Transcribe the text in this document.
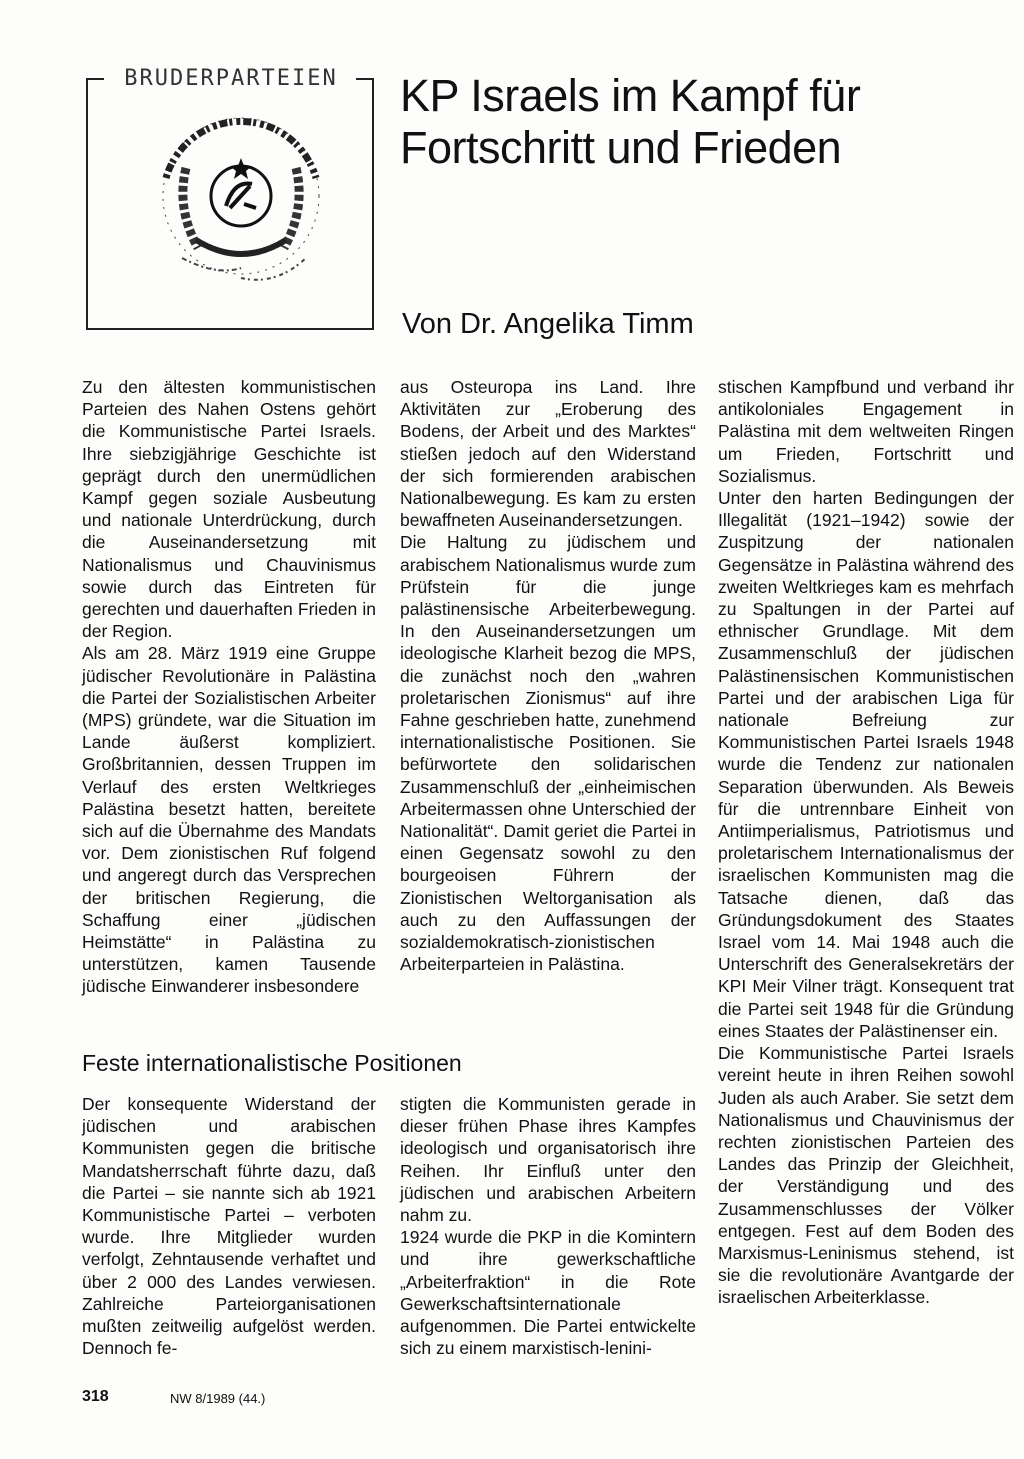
BRUDERPARTEIEN	KP Israels im Kampf für
Fortschritt und Frieden
Von Dr. Angelika Timm

Zu den ältesten kommunistischen Parteien des Nahen Ostens gehört die Kommunistische Partei Israels. Ihre siebzigjährige Geschichte ist geprägt durch den unermüdlichen Kampf gegen soziale Ausbeutung und nationale Unterdrückung, durch die Auseinandersetzung mit Nationalismus und Chauvinismus sowie durch das Eintreten für gerechten und dauerhaften Frieden in der Region.

Als am 28. März 1919 eine Gruppe jüdischer Revolutionäre in Palästina die Partei der Sozialistischen Arbeiter (MPS) gründete, war die Situation im Lande äußerst kompliziert. Großbritannien, dessen Truppen im Verlauf des ersten Weltkrieges Palästina besetzt hatten, bereitete sich auf die Übernahme des Mandats vor. Dem zionistischen Ruf folgend und angeregt durch das Versprechen der britischen Regierung, die Schaffung einer „jüdischen Heimstätte“ in Palästina zu unterstützen, kamen Tausende jüdische Einwanderer insbesondere

aus Osteuropa ins Land. Ihre Aktivitäten zur „Eroberung des Bodens, der Arbeit und des Marktes“ stießen jedoch auf den Widerstand der sich formierenden arabischen Nationalbewegung. Es kam zu ersten bewaffneten Auseinandersetzungen.

Die Haltung zu jüdischem und arabischem Nationalismus wurde zum Prüfstein für die junge palästinensische Arbeiterbewegung. In den Auseinandersetzungen um ideologische Klarheit bezog die MPS, die zunächst noch den „wahren proletarischen Zionismus“ auf ihre Fahne geschrieben hatte, zunehmend internationalistische Positionen. Sie befürwortete den solidarischen Zusammenschluß der „einheimischen Arbeitermassen ohne Unterschied der Nationalität“. Damit geriet die Partei in einen Gegensatz sowohl zu den bourgeoisen Führern der Zionistischen Weltorganisation als auch zu den Auffassungen der sozialdemokratisch-zionistischen Arbeiterparteien in Palästina.

stischen Kampfbund und verband ihr antikoloniales Engagement in Palästina mit dem weltweiten Ringen um Frieden, Fortschritt und Sozialismus.

Unter den harten Bedingungen der Illegalität (1921–1942) sowie der Zuspitzung der nationalen Gegensätze in Palästina während des zweiten Weltkrieges kam es mehrfach zu Spaltungen in der Partei auf ethnischer Grundlage. Mit dem Zusammenschluß der jüdischen Palästinensischen Kommunistischen Partei und der arabischen Liga für nationale Befreiung zur Kommunistischen Partei Israels 1948 wurde die Tendenz zur nationalen Separation überwunden. Als Beweis für die untrennbare Einheit von Antiimperialismus, Patriotismus und proletarischem Internationalismus der israelischen Kommunisten mag die Tatsache dienen, daß das Gründungsdokument des Staates Israel vom 14. Mai 1948 auch die Unterschrift des Generalsekretärs der KPI Meir Vilner trägt. Konsequent trat die Partei seit 1948 für die Gründung eines Staates der Palästinenser ein.

Die Kommunistische Partei Israels vereint heute in ihren Reihen sowohl Juden als auch Araber. Sie setzt dem Nationalismus und Chauvinismus der rechten zionistischen Parteien des Landes das Prinzip der Gleichheit, der Verständigung und des Zusammenschlusses der Völker entgegen. Fest auf dem Boden des Marxismus-Leninismus stehend, ist sie die revolutionäre Avantgarde der israelischen Arbeiterklasse.

Feste internationalistische Positionen

Der konsequente Widerstand der jüdischen und arabischen Kommunisten gegen die britische Mandatsherrschaft führte dazu, daß die Partei – sie nannte sich ab 1921 Kommunistische Partei – verboten wurde. Ihre Mitglieder wurden verfolgt, Zehntausende verhaftet und über 2 000 des Landes verwiesen. Zahlreiche Parteiorganisationen mußten zeitweilig aufgelöst werden. Dennoch fe-

stigten die Kommunisten gerade in dieser frühen Phase ihres Kampfes ideologisch und organisatorisch ihre Reihen. Ihr Einfluß unter den jüdischen und arabischen Arbeitern nahm zu.

1924 wurde die PKP in die Komintern und ihre gewerkschaftliche „Arbeiterfraktion“ in die Rote Gewerkschaftsinternationale aufgenommen. Die Partei entwickelte sich zu einem marxistisch-lenini-

318	NW 8/1989 (44.)
